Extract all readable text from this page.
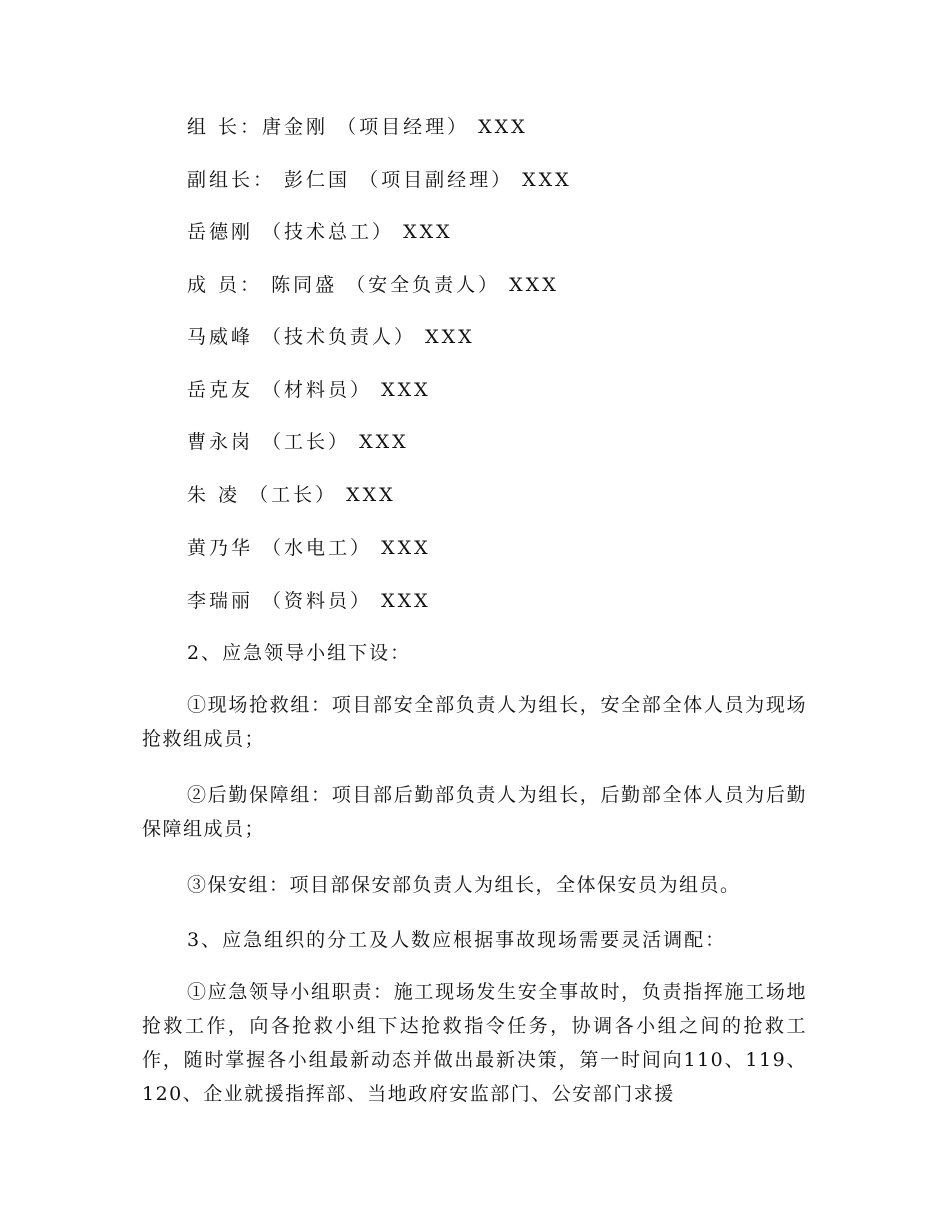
组 长：唐金刚 （项目经理） XXX
副组长： 彭仁国 （项目副经理） XXX
岳德刚 （技术总工） XXX
成 员： 陈同盛 （安全负责人） XXX
马威峰 （技术负责人） XXX
岳克友 （材料员） XXX
曹永岗 （工长） XXX
朱 凌 （工长） XXX
黄乃华 （水电工） XXX
李瑞丽 （资料员） XXX
2、应急领导小组下设：
①现场抢救组：项目部安全部负责人为组长，安全部全体人员为现场抢救组成员；
②后勤保障组：项目部后勤部负责人为组长，后勤部全体人员为后勤保障组成员；
③保安组：项目部保安部负责人为组长，全体保安员为组员。
3、应急组织的分工及人数应根据事故现场需要灵活调配：
①应急领导小组职责：施工现场发生安全事故时，负责指挥施工场地抢救工作，向各抢救小组下达抢救指令任务，协调各小组之间的抢救工作，随时掌握各小组最新动态并做出最新决策，第一时间向110、119、120、企业就援指挥部、当地政府安监部门、公安部门求援
